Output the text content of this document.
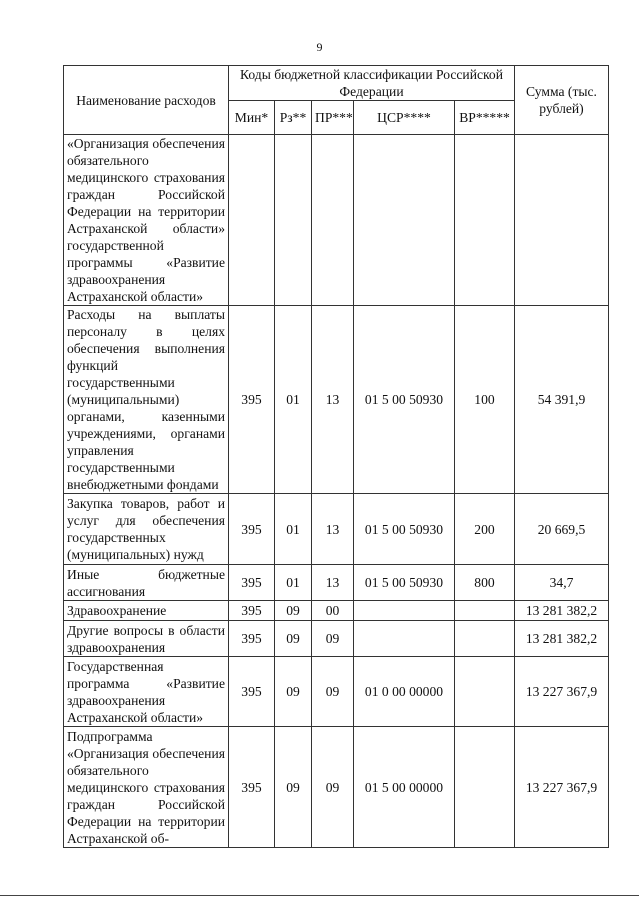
9
Наименование расходов	Коды бюджетной классификации Российской Федерации					Сумма (тыс. рублей)
	Мин*	Рз**	ПР***	ЦСР****	ВР*****	
«Организация обеспечения обязательного медицинского страхования граждан Российской Федерации на территории Астраханской области» государственной программы «Развитие здравоохранения Астраханской области»						
Расходы на выплаты персоналу в целях обеспечения выполнения функций государственными (муниципальными) органами, казенными учреждениями, органами управления государственными внебюджетными фондами	395	01	13	01 5 00 50930	100	54 391,9
Закупка товаров, работ и услуг для обеспечения государственных (муниципальных) нужд	395	01	13	01 5 00 50930	200	20 669,5
Иные бюджетные ассигнования	395	01	13	01 5 00 50930	800	34,7
Здравоохранение	395	09	00			13 281 382,2
Другие вопросы в области здравоохранения	395	09	09			13 281 382,2
Государственная программа «Развитие здравоохранения Астраханской области»	395	09	09	01 0 00 00000		13 227 367,9
Подпрограмма «Организация обеспечения обязательного медицинского страхования граждан Российской Федерации на территории Астраханской об-	395	09	09	01 5 00 00000		13 227 367,9
